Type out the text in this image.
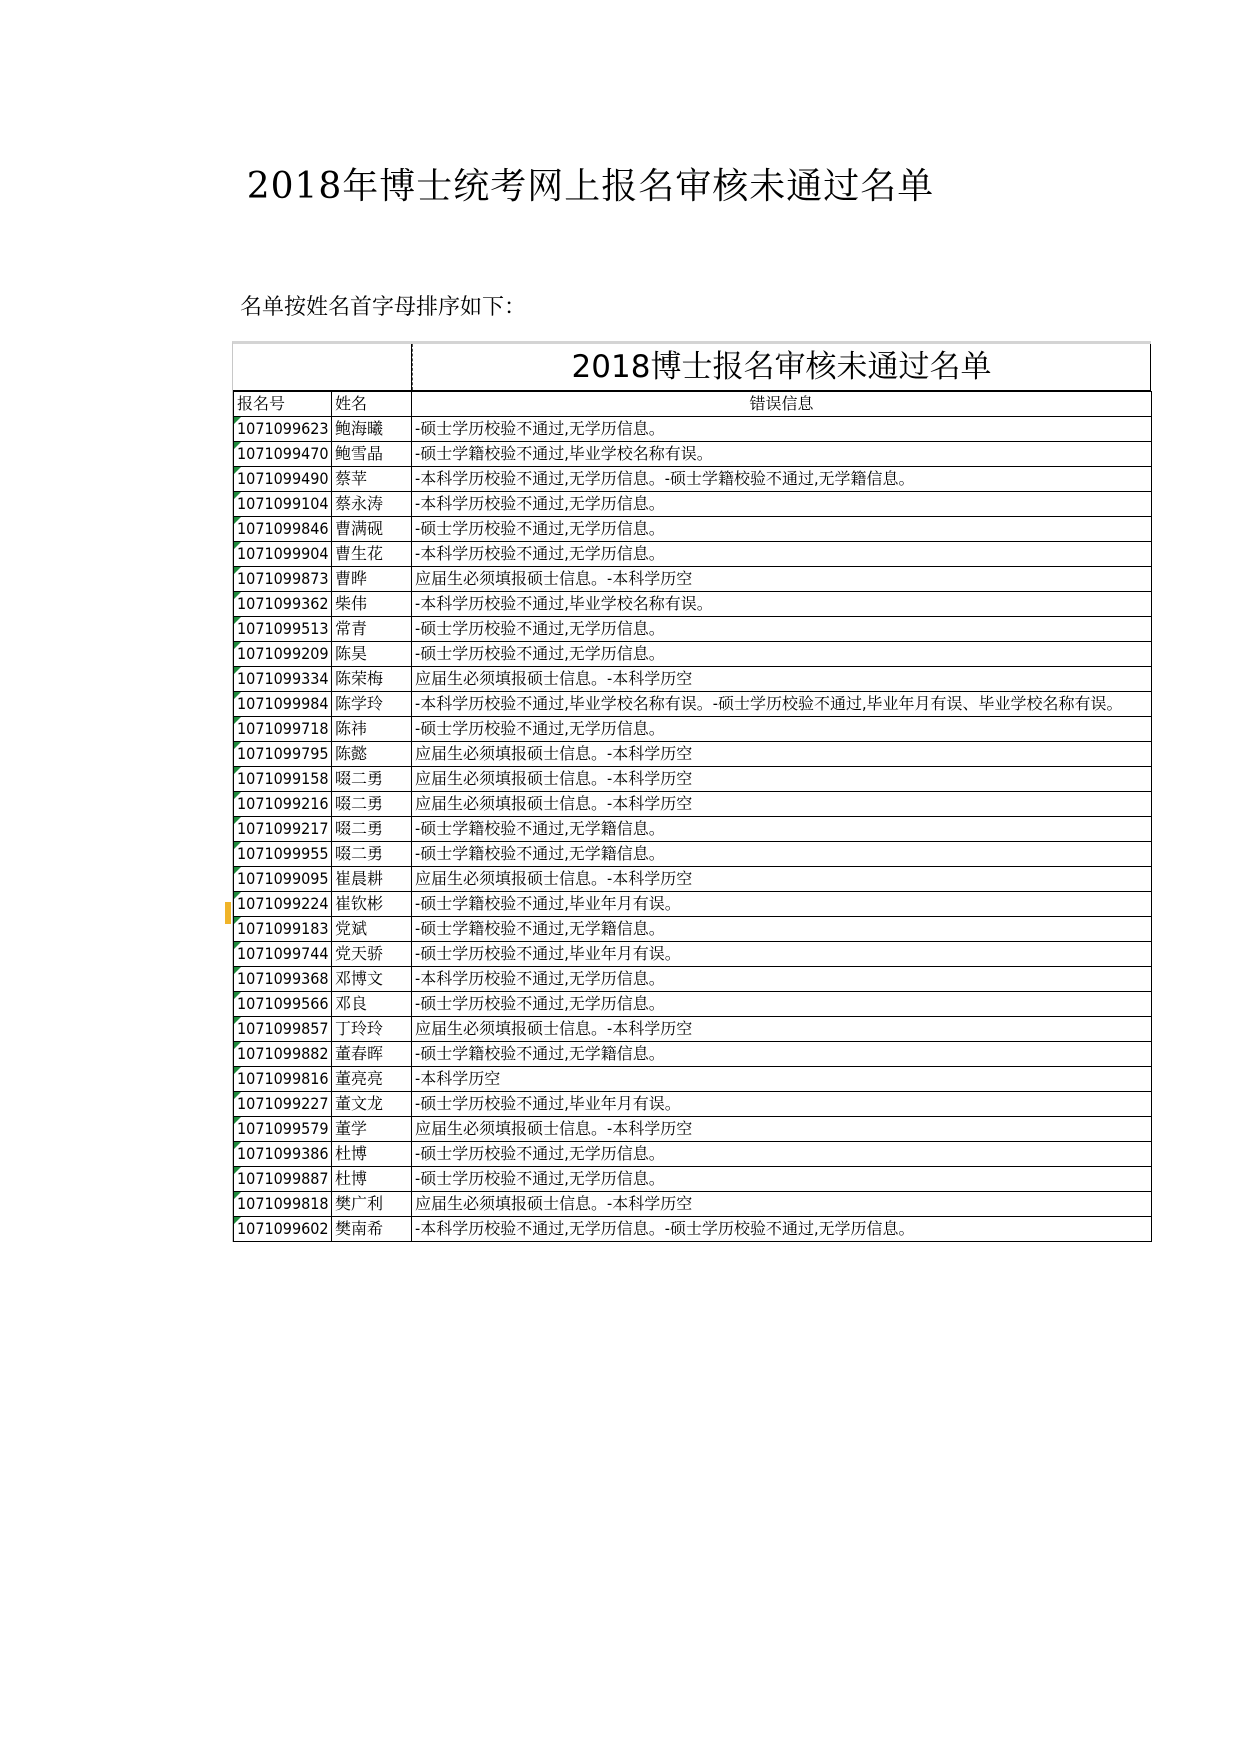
2018年博士统考网上报名审核未通过名单
名单按姓名首字母排序如下：
2018博士报名审核未通过名单
报名号	姓名	错误信息

1071099623	鲍海曦	-硕士学历校验不通过,无学历信息。

1071099470	鲍雪晶	-硕士学籍校验不通过,毕业学校名称有误。

1071099490	蔡苹	-本科学历校验不通过,无学历信息。-硕士学籍校验不通过,无学籍信息。

1071099104	蔡永涛	-本科学历校验不通过,无学历信息。

1071099846	曹满砚	-硕士学历校验不通过,无学历信息。

1071099904	曹生花	-本科学历校验不通过,无学历信息。

1071099873	曹晔	应届生必须填报硕士信息。-本科学历空

1071099362	柴伟	-本科学历校验不通过,毕业学校名称有误。

1071099513	常青	-硕士学历校验不通过,无学历信息。

1071099209	陈昊	-硕士学历校验不通过,无学历信息。

1071099334	陈荣梅	应届生必须填报硕士信息。-本科学历空

1071099984	陈学玲	-本科学历校验不通过,毕业学校名称有误。-硕士学历校验不通过,毕业年月有误、毕业学校名称有误。

1071099718	陈祎	-硕士学历校验不通过,无学历信息。

1071099795	陈懿	应届生必须填报硕士信息。-本科学历空

1071099158	啜二勇	应届生必须填报硕士信息。-本科学历空

1071099216	啜二勇	应届生必须填报硕士信息。-本科学历空

1071099217	啜二勇	-硕士学籍校验不通过,无学籍信息。

1071099955	啜二勇	-硕士学籍校验不通过,无学籍信息。

1071099095	崔晨耕	应届生必须填报硕士信息。-本科学历空

1071099224	崔钦彬	-硕士学籍校验不通过,毕业年月有误。

1071099183	党斌	-硕士学籍校验不通过,无学籍信息。

1071099744	党天骄	-硕士学历校验不通过,毕业年月有误。

1071099368	邓博文	-本科学历校验不通过,无学历信息。

1071099566	邓良	-硕士学历校验不通过,无学历信息。

1071099857	丁玲玲	应届生必须填报硕士信息。-本科学历空

1071099882	董春晖	-硕士学籍校验不通过,无学籍信息。

1071099816	董亮亮	-本科学历空

1071099227	董文龙	-硕士学历校验不通过,毕业年月有误。

1071099579	董学	应届生必须填报硕士信息。-本科学历空

1071099386	杜博	-硕士学历校验不通过,无学历信息。

1071099887	杜博	-硕士学历校验不通过,无学历信息。

1071099818	樊广利	应届生必须填报硕士信息。-本科学历空

1071099602	樊南希	-本科学历校验不通过,无学历信息。-硕士学历校验不通过,无学历信息。
